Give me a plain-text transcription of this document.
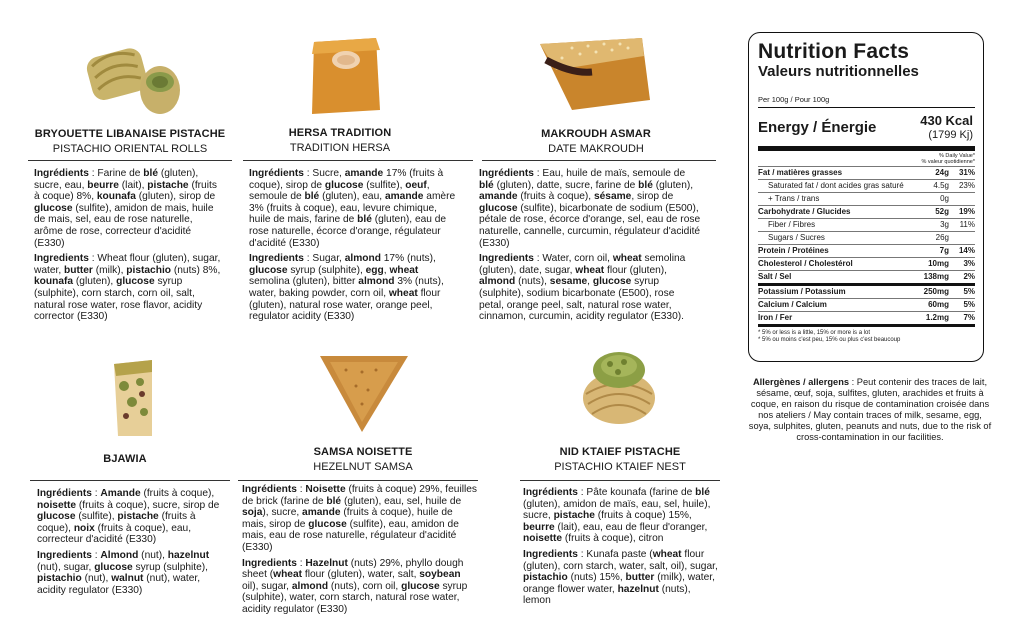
BRYOUETTE LIBANAISE PISTACHE
PISTACHIO ORIENTAL ROLLS

Ingrédients : Farine de blé (gluten), sucre, eau, beurre (lait), pistache (fruits à coque) 8%, kounafa (gluten), sirop de glucose (sulfite), amidon de mais, huile de mais, sel, eau de rose naturelle, arôme de rose, correcteur d'acidité (E330)

Ingredients : Wheat flour (gluten), sugar, water, butter (milk), pistachio (nuts) 8%, kounafa (gluten), glucose syrup (sulphite), corn starch, corn oil, salt, natural rose water, rose flavor, acidity corrector (E330)

HERSA TRADITION
TRADITION HERSA

Ingrédients : Sucre, amande 17% (fruits à coque), sirop de glucose (sulfite), oeuf, semoule de blé (gluten), eau, amande amère 3% (fruits à coque), eau, levure chimique, huile de mais, farine de blé (gluten), eau de rose naturelle, écorce d'orange, régulateur d'acidité (E330)

Ingredients : Sugar, almond 17% (nuts), glucose syrup (sulphite), egg, wheat semolina (gluten), bitter almond 3% (nuts), water, baking powder, corn oil, wheat flour (gluten), natural rose water, orange peel, regulator acidity (E330)

MAKROUDH ASMAR
DATE MAKROUDH

Ingrédients : Eau, huile de maïs, semoule de blé (gluten), datte, sucre, farine de blé (gluten), amande (fruits à coque), sésame, sirop de glucose (sulfite), bicarbonate de sodium (E500), pétale de rose, écorce d'orange, sel, eau de rose naturelle, cannelle, curcumin, régulateur d'acidité (E330)

Ingredients : Water, corn oil, wheat semolina (gluten), date, sugar, wheat flour (gluten), almond (nuts), sesame, glucose syrup (sulphite), sodium bicarbonate (E500), rose petal, orange peel, salt, natural rose water, cinnamon, curcumin, acidity regulator (E330).

BJAWIA

Ingrédients : Amande (fruits à coque), noisette (fruits à coque), sucre, sirop de glucose (sulfite), pistache (fruits à coque), noix (fruits à coque), eau, correcteur d'acidité (E330)

Ingredients : Almond (nut), hazelnut (nut), sugar, glucose syrup (sulphite), pistachio (nut), walnut (nut), water, acidity regulator (E330)

SAMSA NOISETTE
HEZELNUT SAMSA

Ingrédients : Noisette (fruits à coque) 29%, feuilles de brick (farine de blé (gluten), eau, sel, huile de soja), sucre, amande (fruits à coque), huile de mais, sirop de glucose (sulfite), eau, amidon de mais, eau de rose naturelle, régulateur d'acidité (E330)

Ingredients : Hazelnut (nuts) 29%, phyllo dough sheet (wheat flour (gluten), water, salt, soybean oil), sugar, almond (nuts), corn oil, glucose syrup (sulphite), water, corn starch, natural rose water, acidity regulator (E330)

NID KTAIEF PISTACHE
PISTACHIO KTAIEF NEST

Ingrédients : Pâte kounafa (farine de blé (gluten), amidon de maïs, eau, sel, huile), sucre, pistache (fruits à coque) 15%, beurre (lait), eau, eau de fleur d'oranger, noisette (fruits à coque), citron

Ingredients : Kunafa paste (wheat flour (gluten), corn starch, water, salt, oil), sugar, pistachio (nuts) 15%, butter (milk), water, orange flower water, hazelnut (nuts), lemon

Nutrition Facts
Valeurs nutritionnelles
Per 100g / Pour 100g
Energy / Énergie	430 Kcal
(1799 Kj)
% Daily Value*
% valeur quotidienne*
Fat / matières grasses	24g	31%
Saturated fat / dont acides gras saturé	4.5g	23%
+ Trans / trans	0g
Carbohydrate / Glucides	52g	19%
Fiber / Fibres	3g	11%
Sugars / Sucres	26g
Protein / Protéines	7g	14%
Cholesterol / Cholestérol	10mg	3%
Salt / Sel	138mg	2%
Potassium / Potassium	250mg	5%
Calcium / Calcium	60mg	5%
Iron / Fer	1.2mg	7%
* 5% or less is a little, 15% or more is a lot
* 5% ou moins c'est peu, 15% ou plus c'est beaucoup
Allergènes / allergens : Peut contenir des traces de lait, sésame, œuf, soja, sulfites, gluten, arachides et fruits à coque, en raison du risque de contamination croisée dans nos ateliers / May contain traces of milk, sesame, egg, soya, sulphites, gluten, peanuts and nuts, due to the risk of cross-contamination in our facilities.
